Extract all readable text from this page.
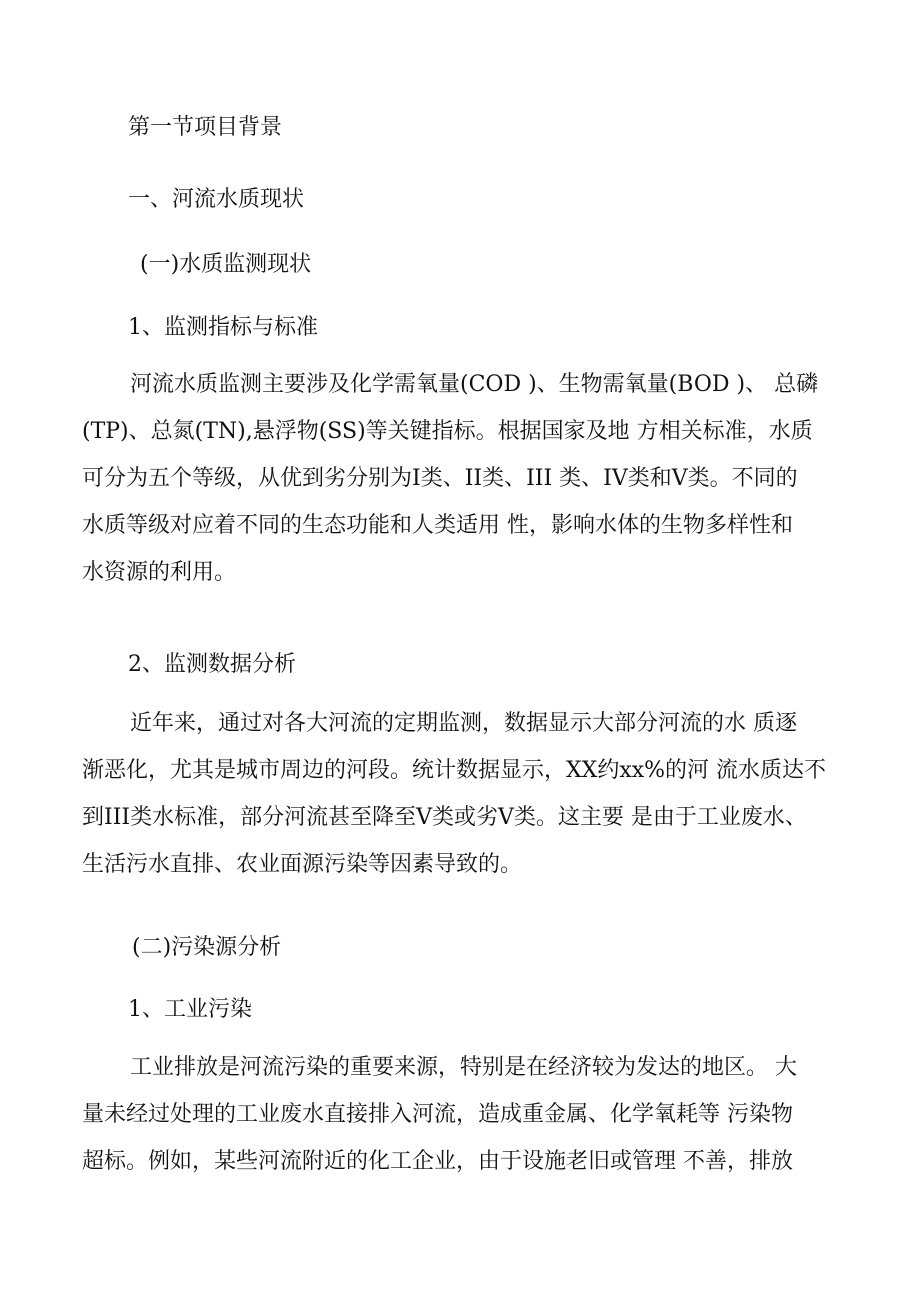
第一节项目背景
一、河流水质现状
(一)水质监测现状
1、监测指标与标准
河流水质监测主要涉及化学需氧量(COD )、生物需氧量(BOD )、 总磷
(TP)、总氮(TN),悬浮物(SS)等关键指标。根据国家及地 方相关标准，水质
可分为五个等级，从优到劣分别为I类、II类、III 类、IV类和V类。不同的
水质等级对应着不同的生态功能和人类适用 性，影响水体的生物多样性和
水资源的利用。
2、监测数据分析
近年来，通过对各大河流的定期监测，数据显示大部分河流的水 质逐
渐恶化，尤其是城市周边的河段。统计数据显示，XX约xx%的河 流水质达不
到III类水标准，部分河流甚至降至V类或劣V类。这主要 是由于工业废水、
生活污水直排、农业面源污染等因素导致的。
(二)污染源分析
1、工业污染
工业排放是河流污染的重要来源，特别是在经济较为发达的地区。 大
量未经过处理的工业废水直接排入河流，造成重金属、化学氧耗等 污染物
超标。例如，某些河流附近的化工企业，由于设施老旧或管理 不善，排放
